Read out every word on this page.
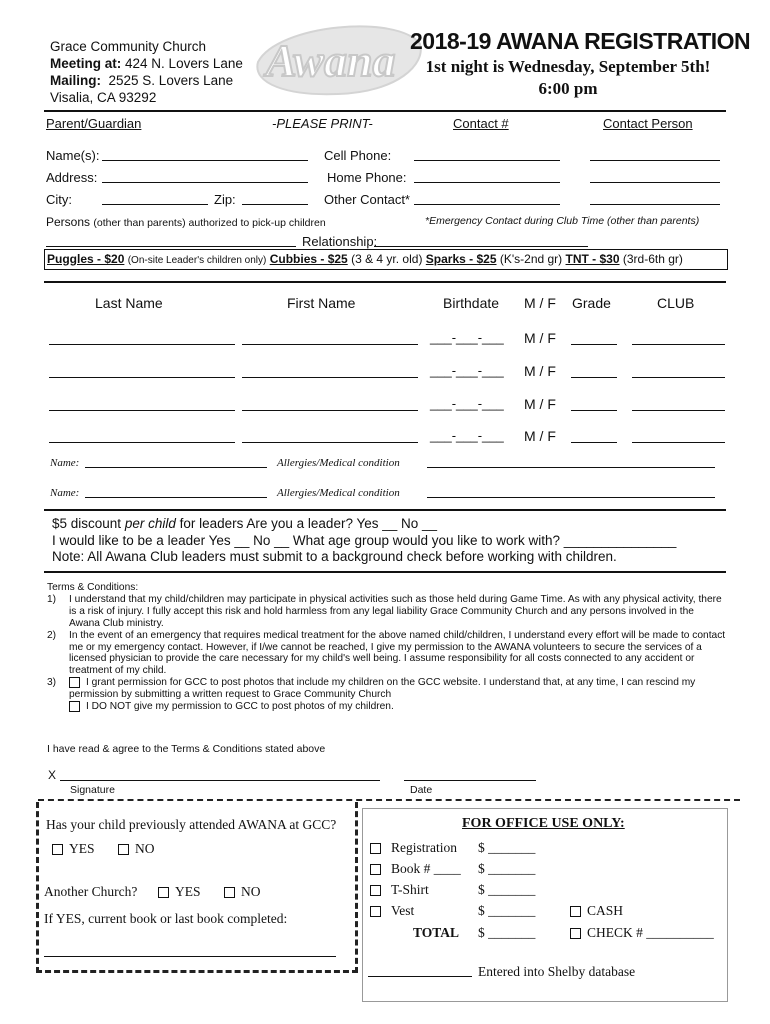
Grace Community Church
Meeting at: 424 N. Lovers Lane
Mailing: 2525 S. Lovers Lane
Visalia, CA 93292
Awana 2018-19 AWANA REGISTRATION
1st night is Wednesday, September 5th!
6:00 pm
Parent/Guardian	-PLEASE PRINT-	Contact #	Contact Person
Name(s):	Cell Phone:
Address:	Home Phone:
City:	Zip:	Other Contact*
Persons (other than parents) authorized to pick-up children	*Emergency Contact during Club Time (other than parents)
Relationship:
Puggles - $20 (On-site Leader's children only) Cubbies - $25 (3 & 4 yr. old) Sparks - $25 (K's-2nd gr) TNT - $30 (3rd-6th gr)
Last Name	First Name	Birthdate M / F Grade	CLUB
___-___-___ M / F
___-___-___ M / F
___-___-___ M / F
___-___-___ M / F
Name:	Allergies/Medical condition
Name:	Allergies/Medical condition
$5 discount per child for leaders Are you a leader? Yes __ No __
I would like to be a leader Yes __ No __ What age group would you like to work with? _______________
Note: All Awana Club leaders must submit to a background check before working with children.
Terms & Conditions:
1)	I understand that my child/children may participate in physical activities such as those held during Game Time. As with any physical activity, there is a risk of injury. I fully accept this risk and hold harmless from any legal liability Grace Community Church and any persons involved in the Awana Club ministry.
2)	In the event of an emergency that requires medical treatment for the above named child/children, I understand every effort will be made to contact me or my emergency contact. However, if I/we cannot be reached, I give my permission to the AWANA volunteers to secure the services of a licensed physician to provide the care necessary for my child's well being. I assume responsibility for all costs connected to any accident or treatment of my child.
3)	I grant permission for GCC to post photos that include my children on the GCC website. I understand that, at any time, I can rescind my permission by submitting a written request to Grace Community Church
I DO NOT give my permission to GCC to post photos of my children.
I have read & agree to the Terms & Conditions stated above
X
Signature	Date
Has your child previously attended AWANA at GCC?
YES	NO
Another Church?	YES	NO
If YES, current book or last book completed:
FOR OFFICE USE ONLY:
Registration $ _______
Book # ____ $ _______
T-Shirt	$ _______
Vest	$ _______	CASH
TOTAL $ _______	CHECK # __________
Entered into Shelby database
